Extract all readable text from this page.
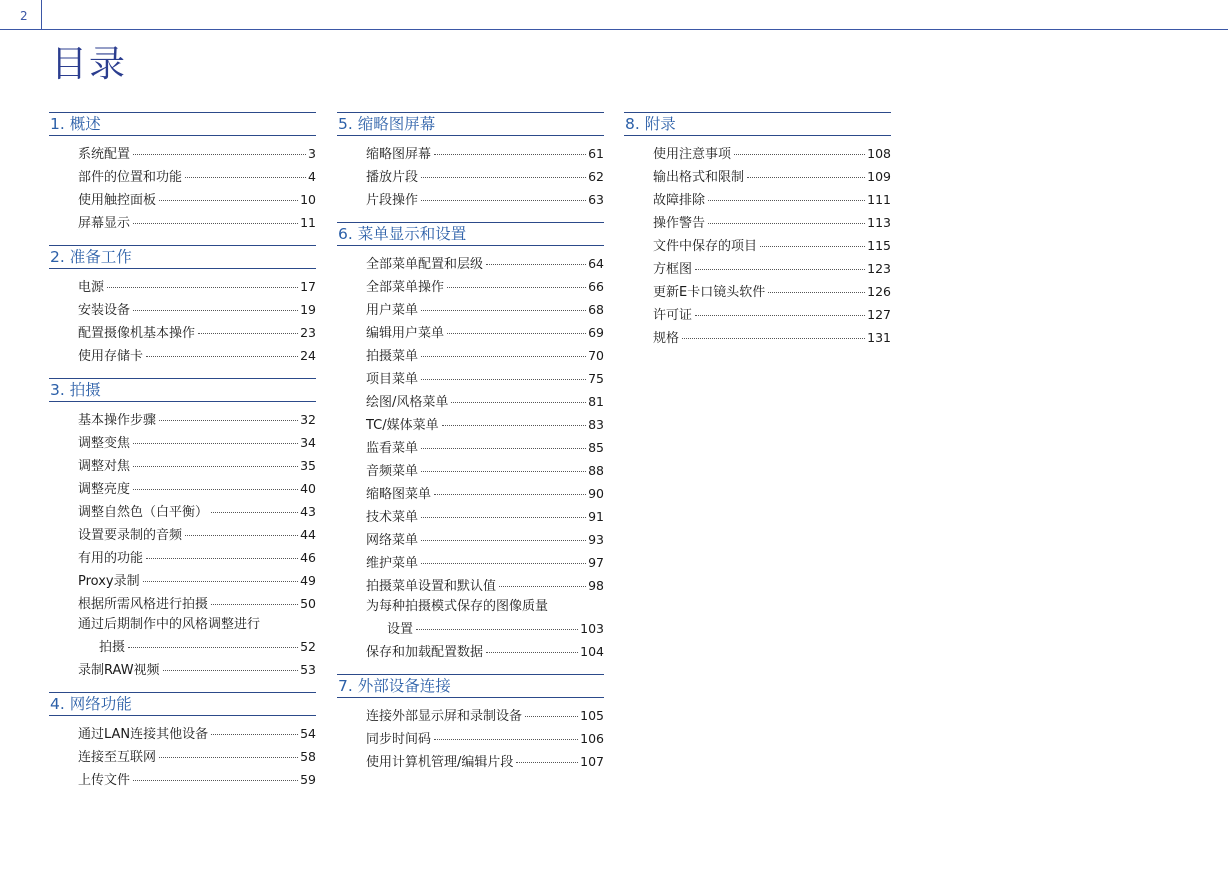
2
目录
1. 概述
系统配置	3
部件的位置和功能	4
使用触控面板	10
屏幕显示	11
2. 准备工作
电源	17
安装设备	19
配置摄像机基本操作	23
使用存储卡	24
3. 拍摄
基本操作步骤	32
调整变焦	34
调整对焦	35
调整亮度	40
调整自然色（白平衡）	43
设置要录制的音频	44
有用的功能	46
Proxy录制	49
根据所需风格进行拍摄	50
通过后期制作中的风格调整进行
拍摄	52
录制RAW视频	53
4. 网络功能
通过LAN连接其他设备	54
连接至互联网	58
上传文件	59
5. 缩略图屏幕
缩略图屏幕	61
播放片段	62
片段操作	63
6. 菜单显示和设置
全部菜单配置和层级	64
全部菜单操作	66
用户菜单	68
编辑用户菜单	69
拍摄菜单	70
项目菜单	75
绘图/风格菜单	81
TC/媒体菜单	83
监看菜单	85
音频菜单	88
缩略图菜单	90
技术菜单	91
网络菜单	93
维护菜单	97
拍摄菜单设置和默认值	98
为每种拍摄模式保存的图像质量
设置	103
保存和加载配置数据	104
7. 外部设备连接
连接外部显示屏和录制设备	105
同步时间码	106
使用计算机管理/编辑片段	107
8. 附录
使用注意事项	108
输出格式和限制	109
故障排除	111
操作警告	113
文件中保存的项目	115
方框图	123
更新E卡口镜头软件	126
许可证	127
规格	131
